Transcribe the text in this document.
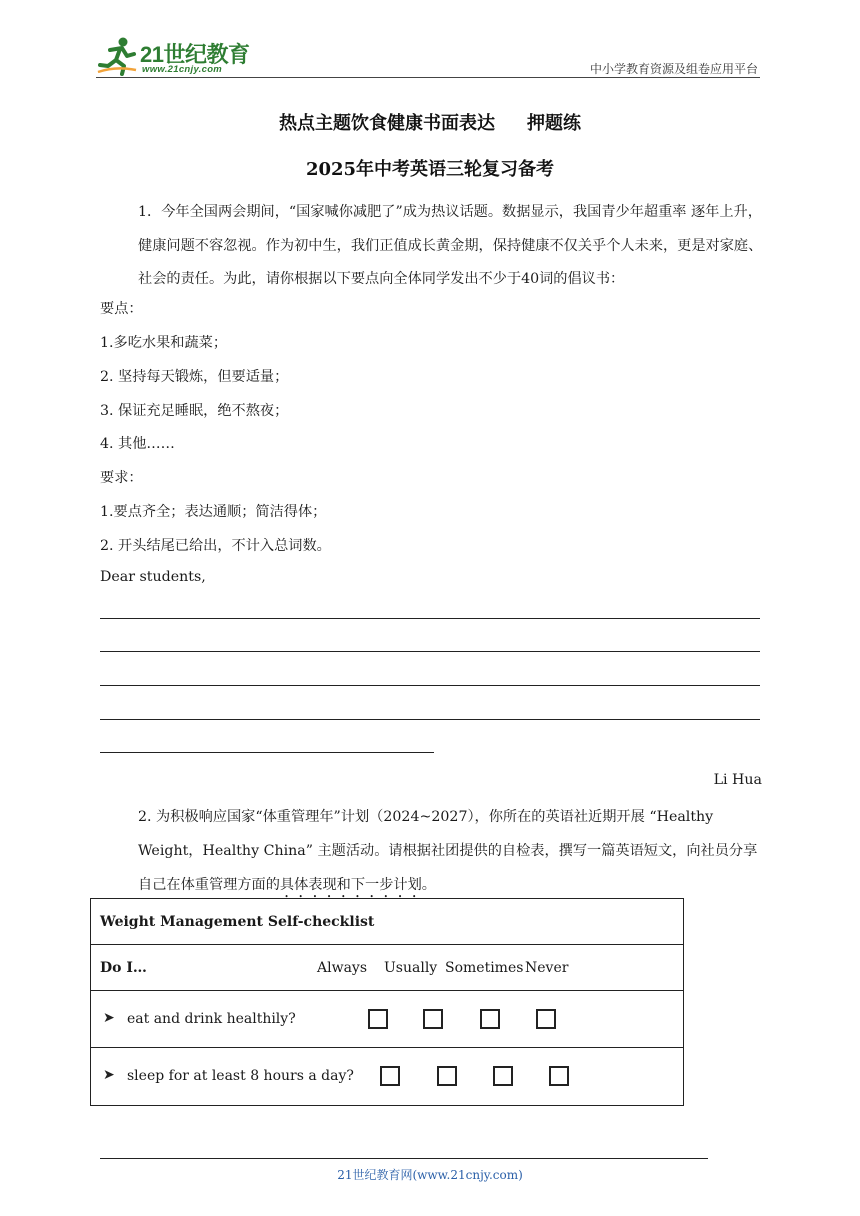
21世纪教育
www.21cnjy.com	中小学教育资源及组卷应用平台
热点主题饮食健康书面表达 押题练
2025年中考英语三轮复习备考
1．今年全国两会期间，“国家喊你减肥了”成为热议话题。数据显示，我国青少年超重率 逐年上升，健康问题不容忽视。作为初中生，我们正值成长黄金期，保持健康不仅关乎个人未来，更是对家庭、社会的责任。为此，请你根据以下要点向全体同学发出不少于40词的倡议书：
要点：
1.多吃水果和蔬菜；
2. 坚持每天锻炼，但要适量；
3. 保证充足睡眠，绝不熬夜；
4. 其他……
要求：
1.要点齐全；表达通顺；简洁得体；
2. 开头结尾已给出，不计入总词数。
Dear students,
Li Hua
2. 为积极响应国家“体重管理年”计划（2024~2027），你所在的英语社近期开展 “Healthy Weight，Healthy China” 主题活动。请根据社团提供的自检表，撰写一篇英语短文，向社员分享自己在体重管理方面的具体表现和下一步计划。
Weight Management Self-checklist
Do I…	Always Usually Sometimes Never
➤ eat and drink healthily?
➤ sleep for at least 8 hours a day?
21世纪教育网(www.21cnjy.com)
